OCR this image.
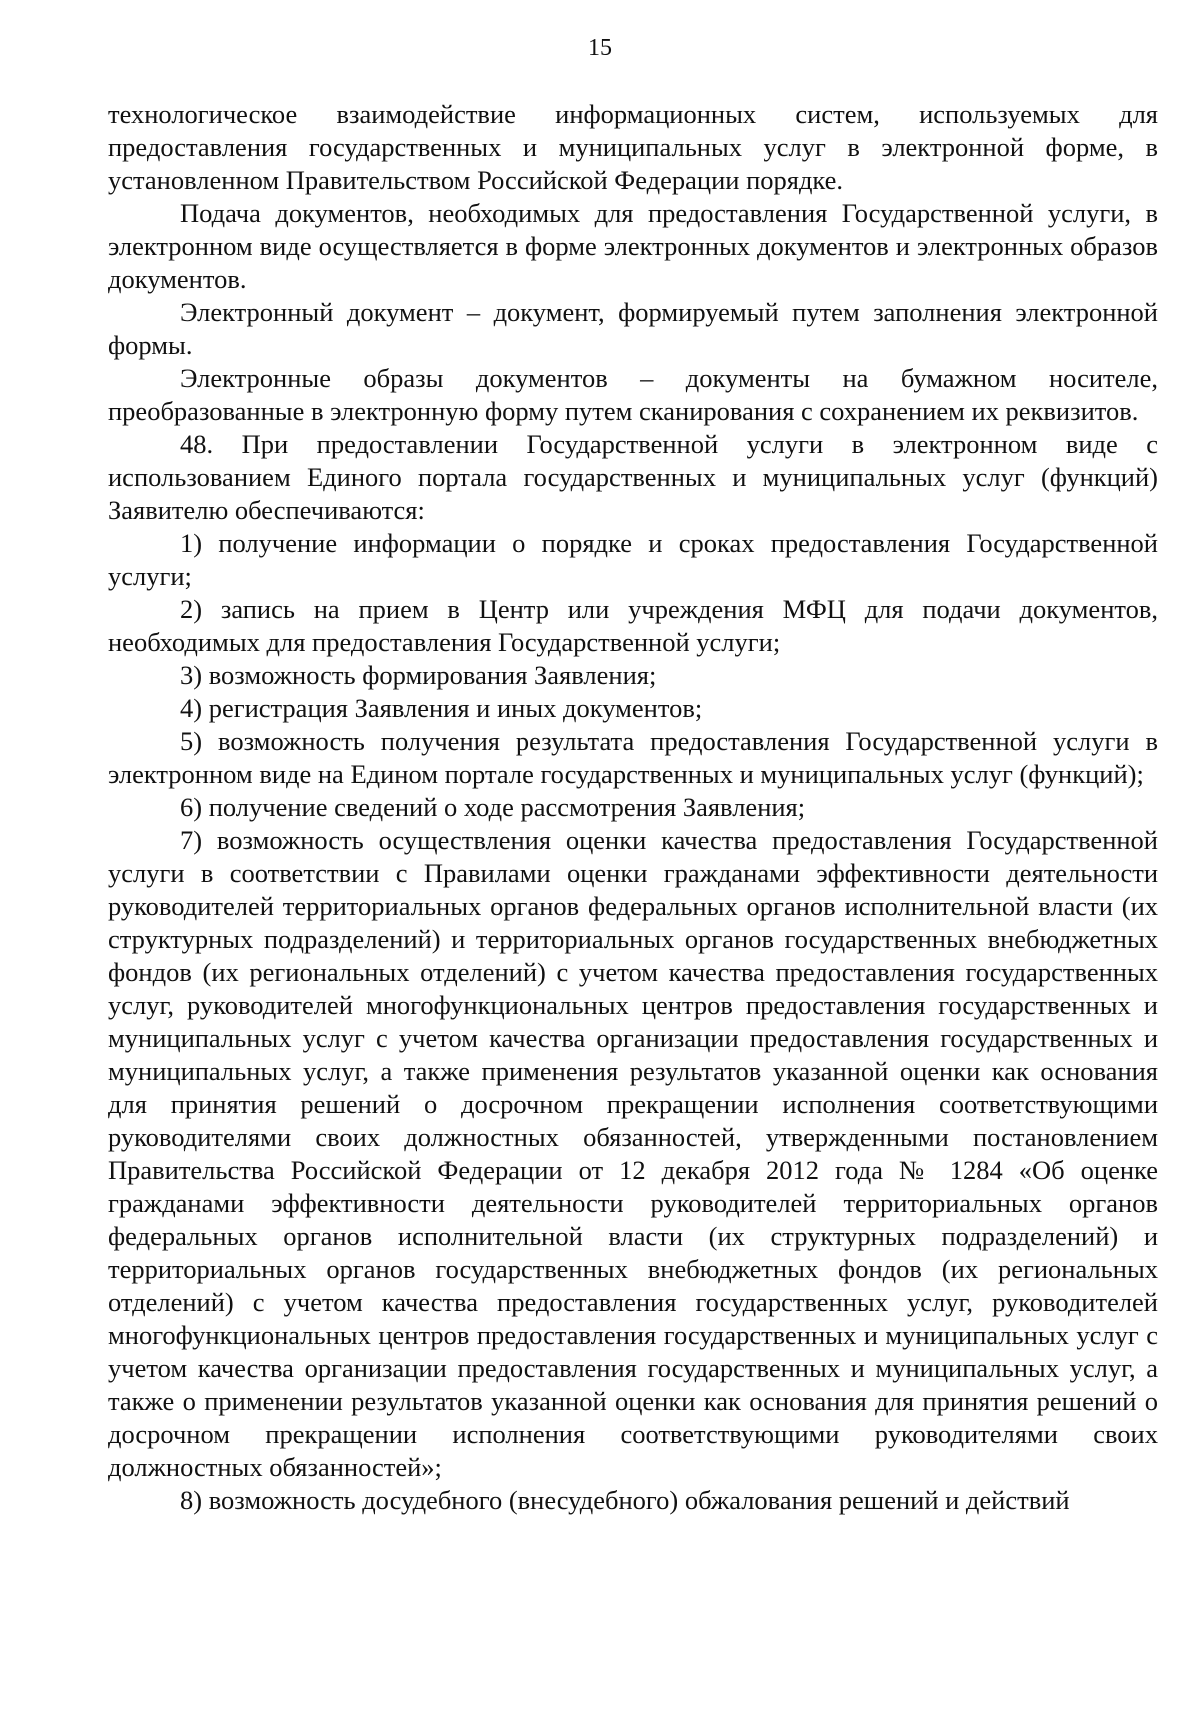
15

технологическое взаимодействие информационных систем, используемых для предоставления государственных и муниципальных услуг в электронной форме, в установленном Правительством Российской Федерации порядке.

Подача документов, необходимых для предоставления Государственной услуги, в электронном виде осуществляется в форме электронных документов и электронных образов документов.

Электронный документ – документ, формируемый путем заполнения электронной формы.

Электронные образы документов – документы на бумажном носителе, преобразованные в электронную форму путем сканирования с сохранением их реквизитов.

48. При предоставлении Государственной услуги в электронном виде с использованием Единого портала государственных и муниципальных услуг (функций) Заявителю обеспечиваются:

1) получение информации о порядке и сроках предоставления Государственной услуги;

2) запись на прием в Центр или учреждения МФЦ для подачи документов, необходимых для предоставления Государственной услуги;

3) возможность формирования Заявления;

4) регистрация Заявления и иных документов;

5) возможность получения результата предоставления Государственной услуги в электронном виде на Едином портале государственных и муниципальных услуг (функций);

6) получение сведений о ходе рассмотрения Заявления;

7) возможность осуществления оценки качества предоставления Государственной услуги в соответствии с Правилами оценки гражданами эффективности деятельности руководителей территориальных органов федеральных органов исполнительной власти (их структурных подразделений) и территориальных органов государственных внебюджетных фондов (их региональных отделений) с учетом качества предоставления государственных услуг, руководителей многофункциональных центров предоставления государственных и муниципальных услуг с учетом качества организации предоставления государственных и муниципальных услуг, а также применения результатов указанной оценки как основания для принятия решений о досрочном прекращении исполнения соответствующими руководителями своих должностных обязанностей, утвержденными постановлением Правительства Российской Федерации от 12 декабря 2012 года № 1284 «Об оценке гражданами эффективности деятельности руководителей территориальных органов федеральных органов исполнительной власти (их структурных подразделений) и территориальных органов государственных внебюджетных фондов (их региональных отделений) с учетом качества предоставления государственных услуг, руководителей многофункциональных центров предоставления государственных и муниципальных услуг с учетом качества организации предоставления государственных и муниципальных услуг, а также о применении результатов указанной оценки как основания для принятия решений о досрочном прекращении исполнения соответствующими руководителями своих должностных обязанностей»;

8) возможность досудебного (внесудебного) обжалования решений и действий
